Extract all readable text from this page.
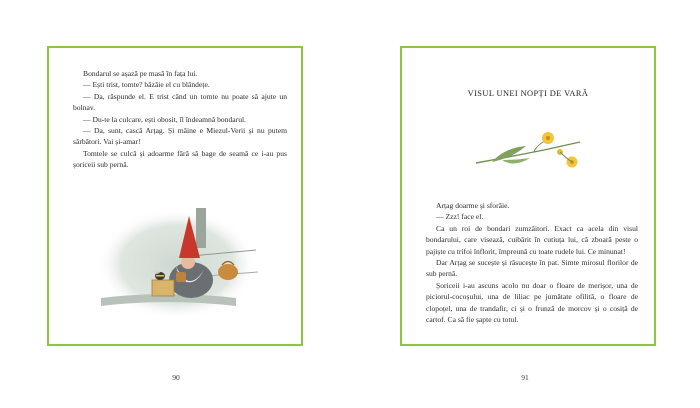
Bondarul se așază pe masă în fața lui.

— Ești trist, tomte? bâzâie el cu blândețe.

— Da, răspunde el. E trist când un tomte nu poate să ajute un bolnav.

— Du-te la culcare, ești obosit, îl îndeamnă bondarul.

— Da, sunt, cască Arțag. Și mâine e Miezul-Verii și nu putem sărbători. Vai și-amar!

Tomtele se culcă și adoarme fără să bage de seamă ce i-au pus șoriceii sub pernă.

VISUL UNEI NOPȚI DE VARĂ

Arțag doarme și sforăie.

— Zzz! face el.

Ca un roi de bondari zumzăitori. Exact ca acela din visul bondarului, care visează, cuibărit în cutiuța lui, că zboară peste o pajiște cu trifoi înflorit, împreună cu toate rudele lui. Ce minunat!

Dar Arțag se sucește și răsucește în pat. Simte mirosul florilor de sub pernă.

Șoriceii i-au ascuns acolo nu doar o floare de merișor, una de piciorul-cocoșului, una de liliac pe jumătate ofilită, o floare de clopoțel, una de trandafir, ci și o frunză de morcov și o cosiță de cartof. Ca să fie șapte cu totul.

90	91
